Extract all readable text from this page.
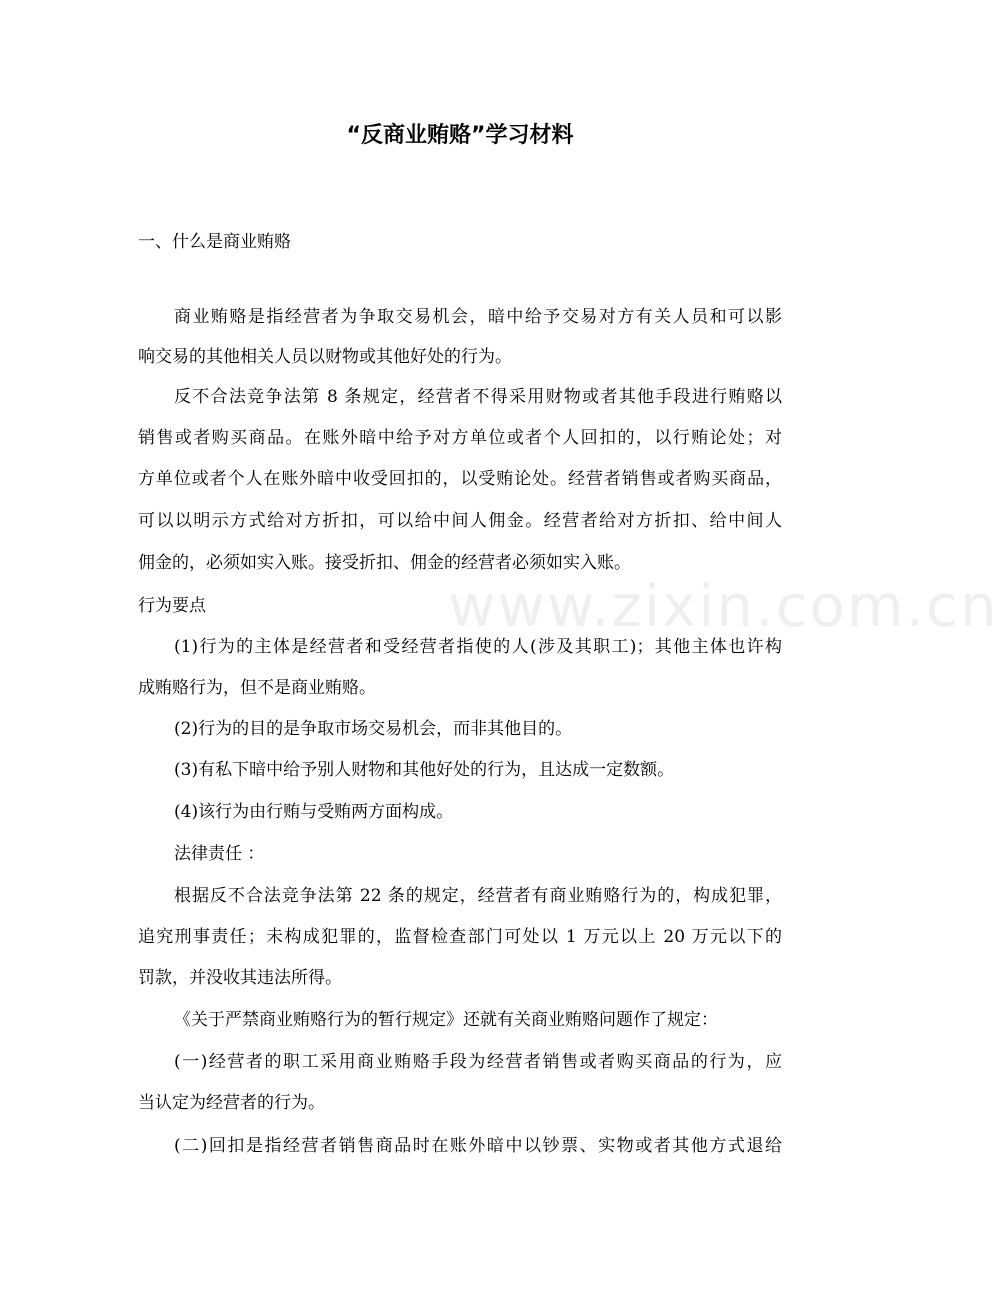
www.zixin.com.cn
“反商业贿赂”学习材料
一、什么是商业贿赂
商业贿赂是指经营者为争取交易机会，暗中给予交易对方有关人员和可以影
响交易的其他相关人员以财物或其他好处的行为。
反不合法竞争法第 8 条规定，经营者不得采用财物或者其他手段进行贿赂以
销售或者购买商品。在账外暗中给予对方单位或者个人回扣的，以行贿论处；对
方单位或者个人在账外暗中收受回扣的，以受贿论处。经营者销售或者购买商品，
可以以明示方式给对方折扣，可以给中间人佣金。经营者给对方折扣、给中间人
佣金的，必须如实入账。接受折扣、佣金的经营者必须如实入账。
行为要点
(1)行为的主体是经营者和受经营者指使的人(涉及其职工)；其他主体也许构
成贿赂行为，但不是商业贿赂。
(2)行为的目的是争取市场交易机会，而非其他目的。
(3)有私下暗中给予别人财物和其他好处的行为，且达成一定数额。
(4)该行为由行贿与受贿两方面构成。
法律责任 ：
根据反不合法竞争法第 22 条的规定，经营者有商业贿赂行为的，构成犯罪，
追究刑事责任；未构成犯罪的，监督检查部门可处以 1 万元以上 20 万元以下的
罚款，并没收其违法所得。
《关于严禁商业贿赂行为的暂行规定》还就有关商业贿赂问题作了规定：
(一)经营者的职工采用商业贿赂手段为经营者销售或者购买商品的行为，应
当认定为经营者的行为。
(二)回扣是指经营者销售商品时在账外暗中以钞票、实物或者其他方式退给
